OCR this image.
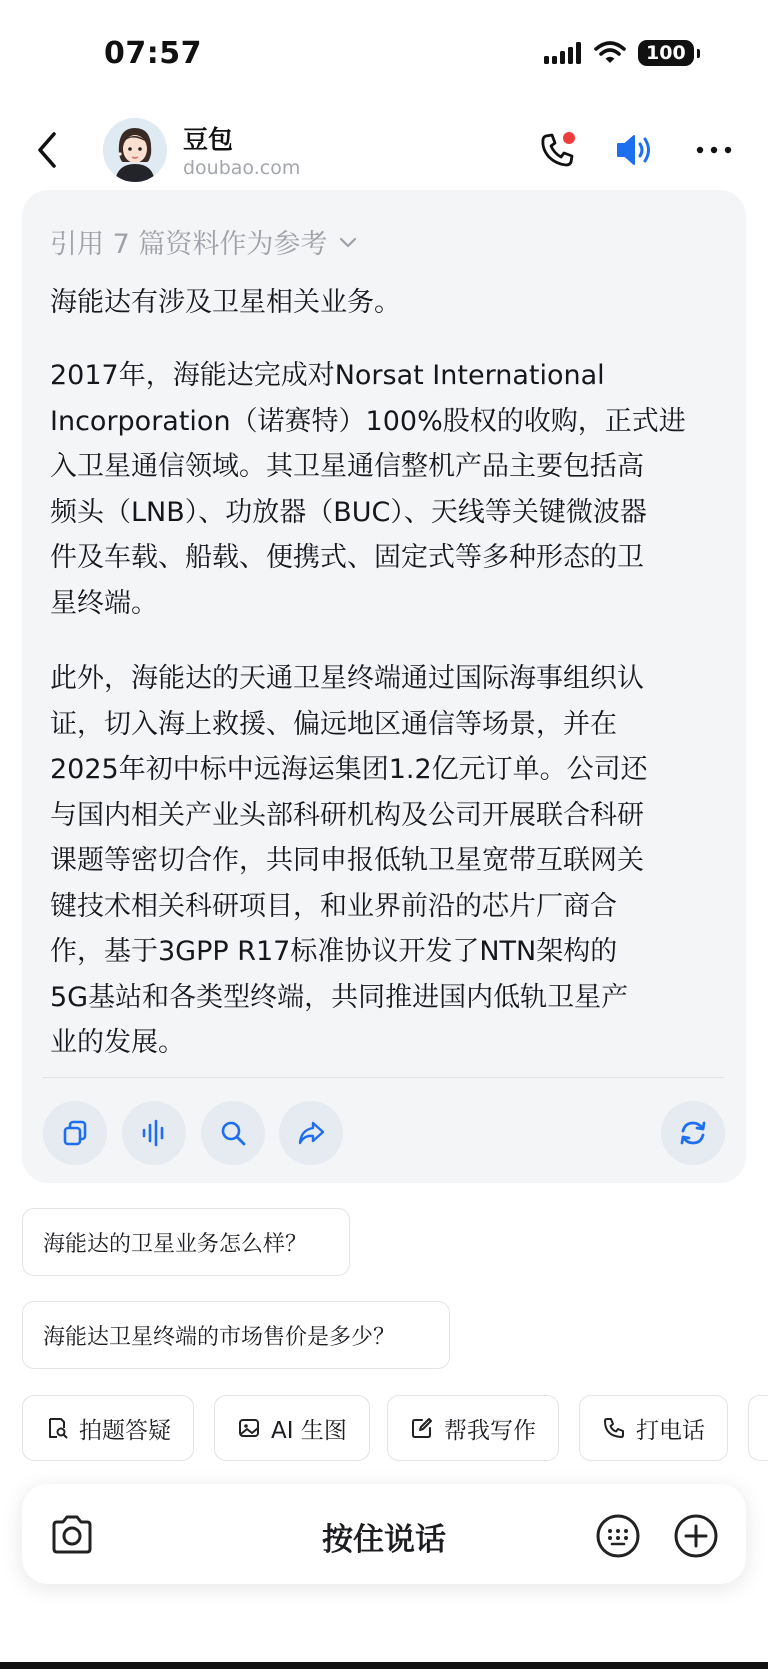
07:57	100
豆包
doubao.com
引用 7 篇资料作为参考

海能达有涉及卫星相关业务。

2017年，海能达完成对Norsat International
Incorporation（诺赛特）100%股权的收购，正式进
入卫星通信领域。其卫星通信整机产品主要包括高
频头（LNB）、功放器（BUC）、天线等关键微波器
件及车载、船载、便携式、固定式等多种形态的卫
星终端。
此外，海能达的天通卫星终端通过国际海事组织认
证，切入海上救援、偏远地区通信等场景，并在
2025年初中标中远海运集团1.2亿元订单。公司还
与国内相关产业头部科研机构及公司开展联合科研
课题等密切合作，共同申报低轨卫星宽带互联网关
键技术相关科研项目，和业界前沿的芯片厂商合
作，基于3GPP R17标准协议开发了NTN架构的
5G基站和各类型终端，共同推进国内低轨卫星产
业的发展。
海能达的卫星业务怎么样？
海能达卫星终端的市场售价是多少？
拍题答疑	AI 生图	帮我写作	打电话
按住说话
